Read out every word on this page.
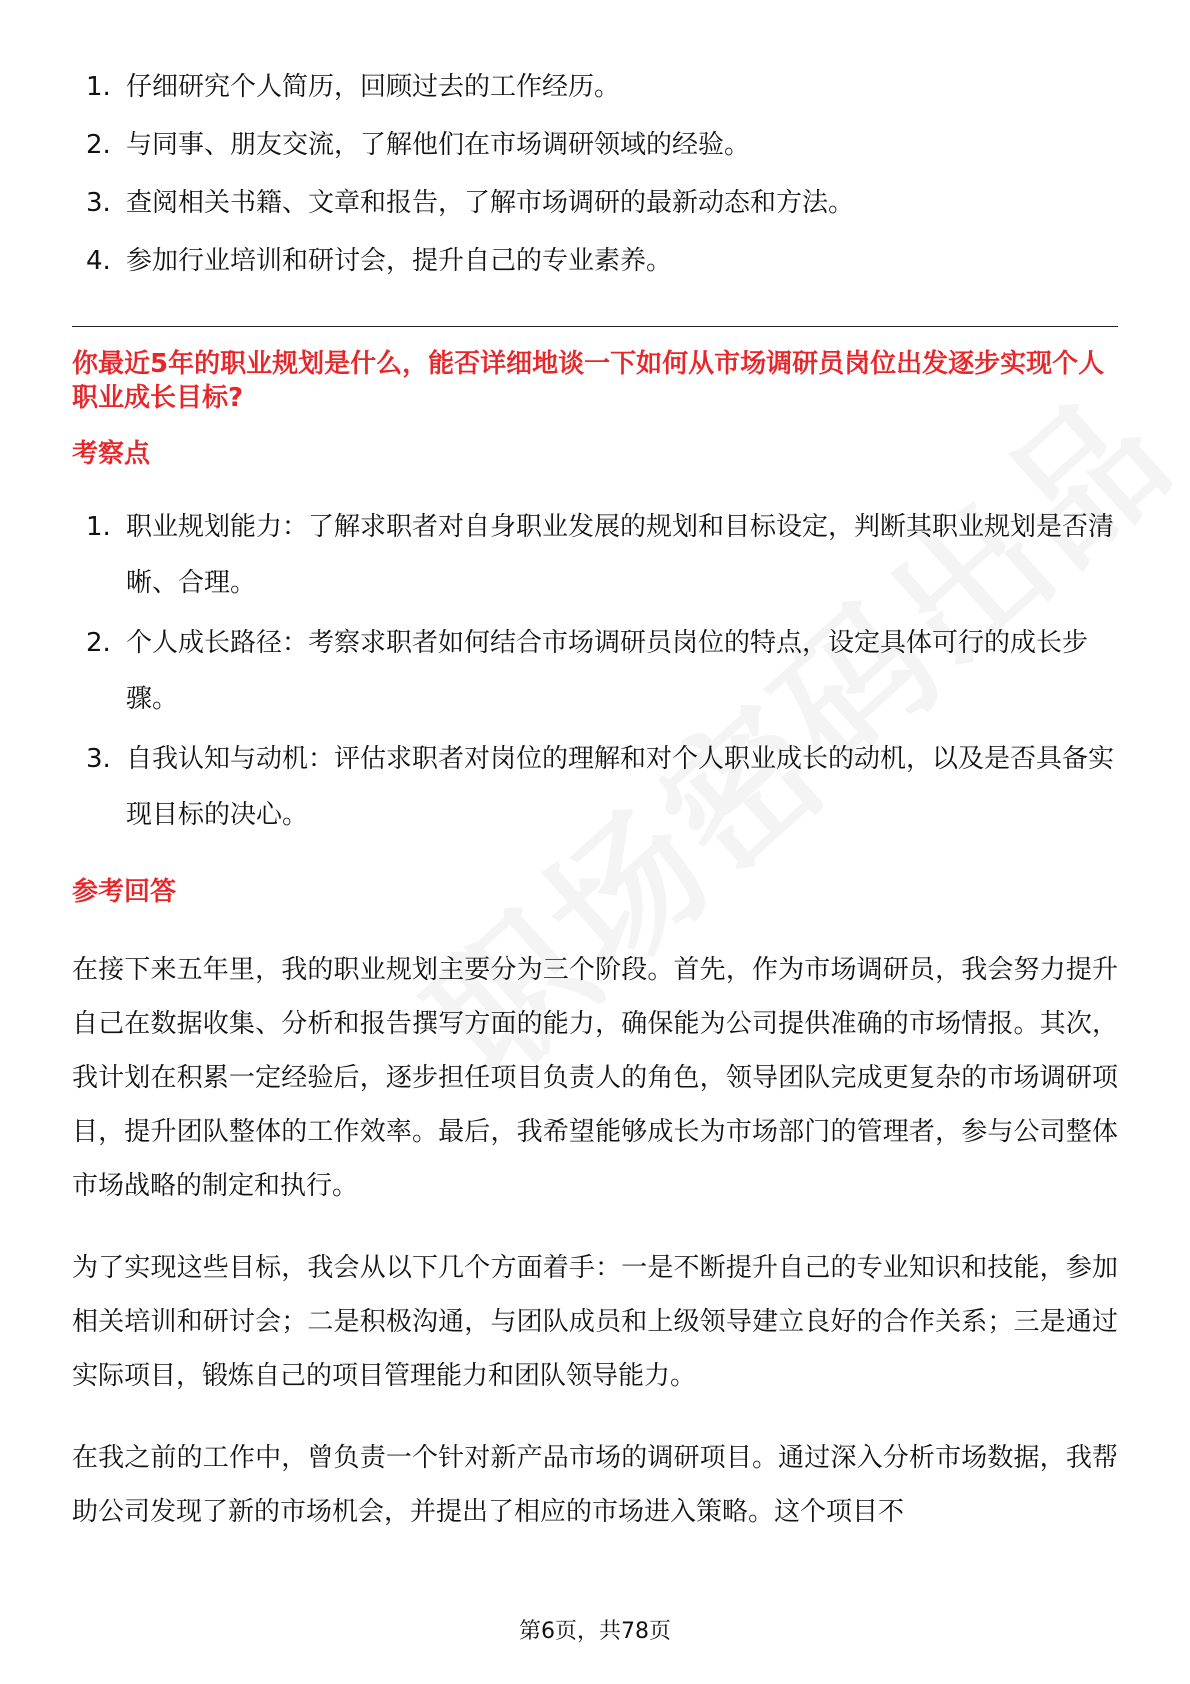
1. 仔细研究个人简历，回顾过去的工作经历。
2. 与同事、朋友交流，了解他们在市场调研领域的经验。
3. 查阅相关书籍、文章和报告，了解市场调研的最新动态和方法。
4. 参加行业培训和研讨会，提升自己的专业素养。

你最近5年的职业规划是什么，能否详细地谈一下如何从市场调研员岗位出发逐步实现个人职业成长目标?

考察点

1. 职业规划能力：了解求职者对自身职业发展的规划和目标设定，判断其职业规划是否清晰、合理。
2. 个人成长路径：考察求职者如何结合市场调研员岗位的特点，设定具体可行的成长步骤。
3. 自我认知与动机：评估求职者对岗位的理解和对个人职业成长的动机，以及是否具备实现目标的决心。

参考回答

在接下来五年里，我的职业规划主要分为三个阶段。首先，作为市场调研员，我会努力提升自己在数据收集、分析和报告撰写方面的能力，确保能为公司提供准确的市场情报。其次，我计划在积累一定经验后，逐步担任项目负责人的角色，领导团队完成更复杂的市场调研项目，提升团队整体的工作效率。最后，我希望能够成长为市场部门的管理者，参与公司整体市场战略的制定和执行。

为了实现这些目标，我会从以下几个方面着手：一是不断提升自己的专业知识和技能，参加相关培训和研讨会；二是积极沟通，与团队成员和上级领导建立良好的合作关系；三是通过实际项目，锻炼自己的项目管理能力和团队领导能力。

在我之前的工作中，曾负责一个针对新产品市场的调研项目。通过深入分析市场数据，我帮助公司发现了新的市场机会，并提出了相应的市场进入策略。这个项目不

第6页，共78页
